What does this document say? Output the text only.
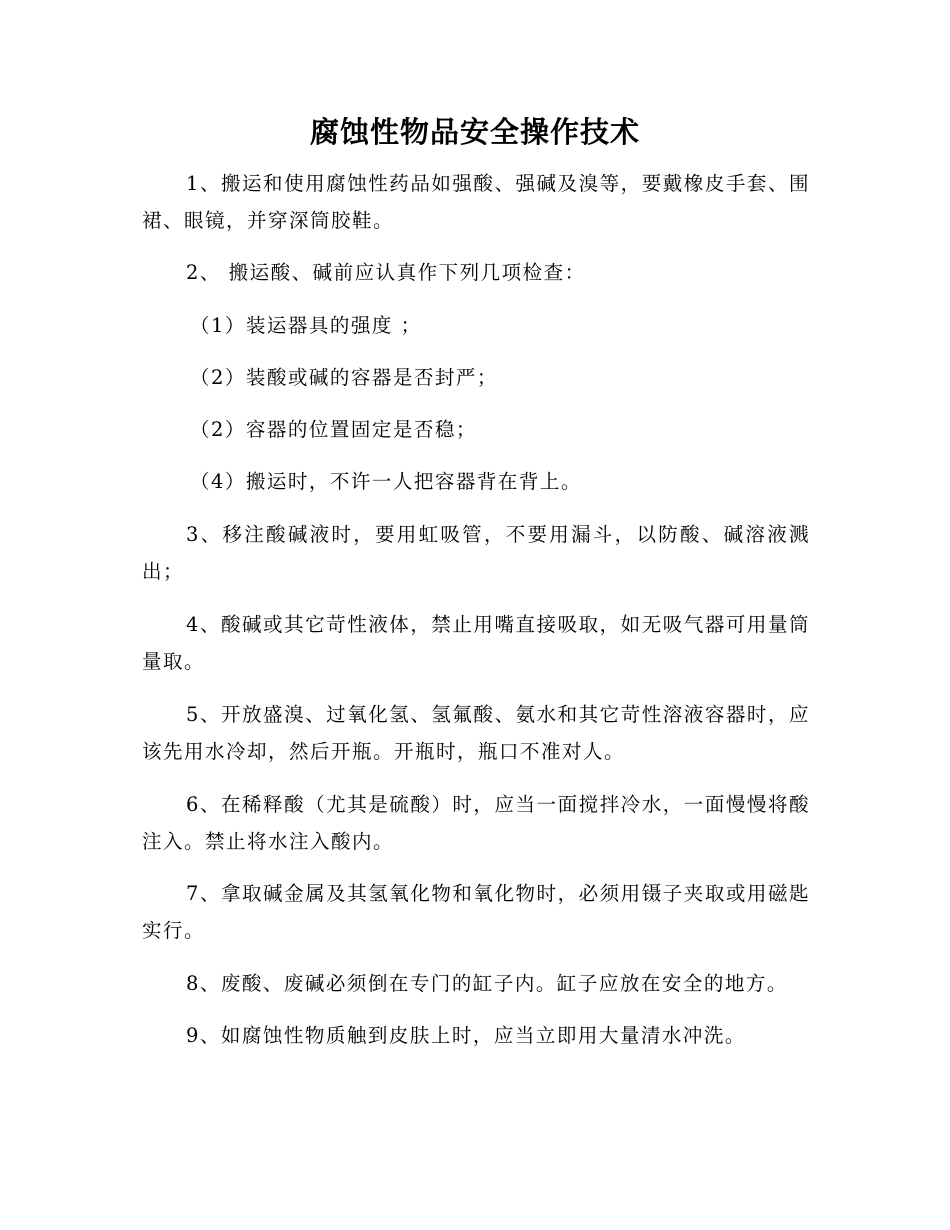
腐蚀性物品安全操作技术

1、搬运和使用腐蚀性药品如强酸、强碱及溴等，要戴橡皮手套、围裙、眼镜，并穿深筒胶鞋。

2、 搬运酸、碱前应认真作下列几项检查：

（1）装运器具的强度 ；

（2）装酸或碱的容器是否封严；

（2）容器的位置固定是否稳；

（4）搬运时，不许一人把容器背在背上。

3、移注酸碱液时，要用虹吸管，不要用漏斗，以防酸、碱溶液溅出；

4、酸碱或其它苛性液体，禁止用嘴直接吸取，如无吸气器可用量筒量取。

5、开放盛溴、过氧化氢、氢氟酸、氨水和其它苛性溶液容器时，应该先用水冷却，然后开瓶。开瓶时，瓶口不准对人。

6、在稀释酸（尤其是硫酸）时，应当一面搅拌冷水，一面慢慢将酸注入。禁止将水注入酸内。

7、拿取碱金属及其氢氧化物和氧化物时，必须用镊子夹取或用磁匙实行。

8、废酸、废碱必须倒在专门的缸子内。缸子应放在安全的地方。

9、如腐蚀性物质触到皮肤上时，应当立即用大量清水冲洗。
